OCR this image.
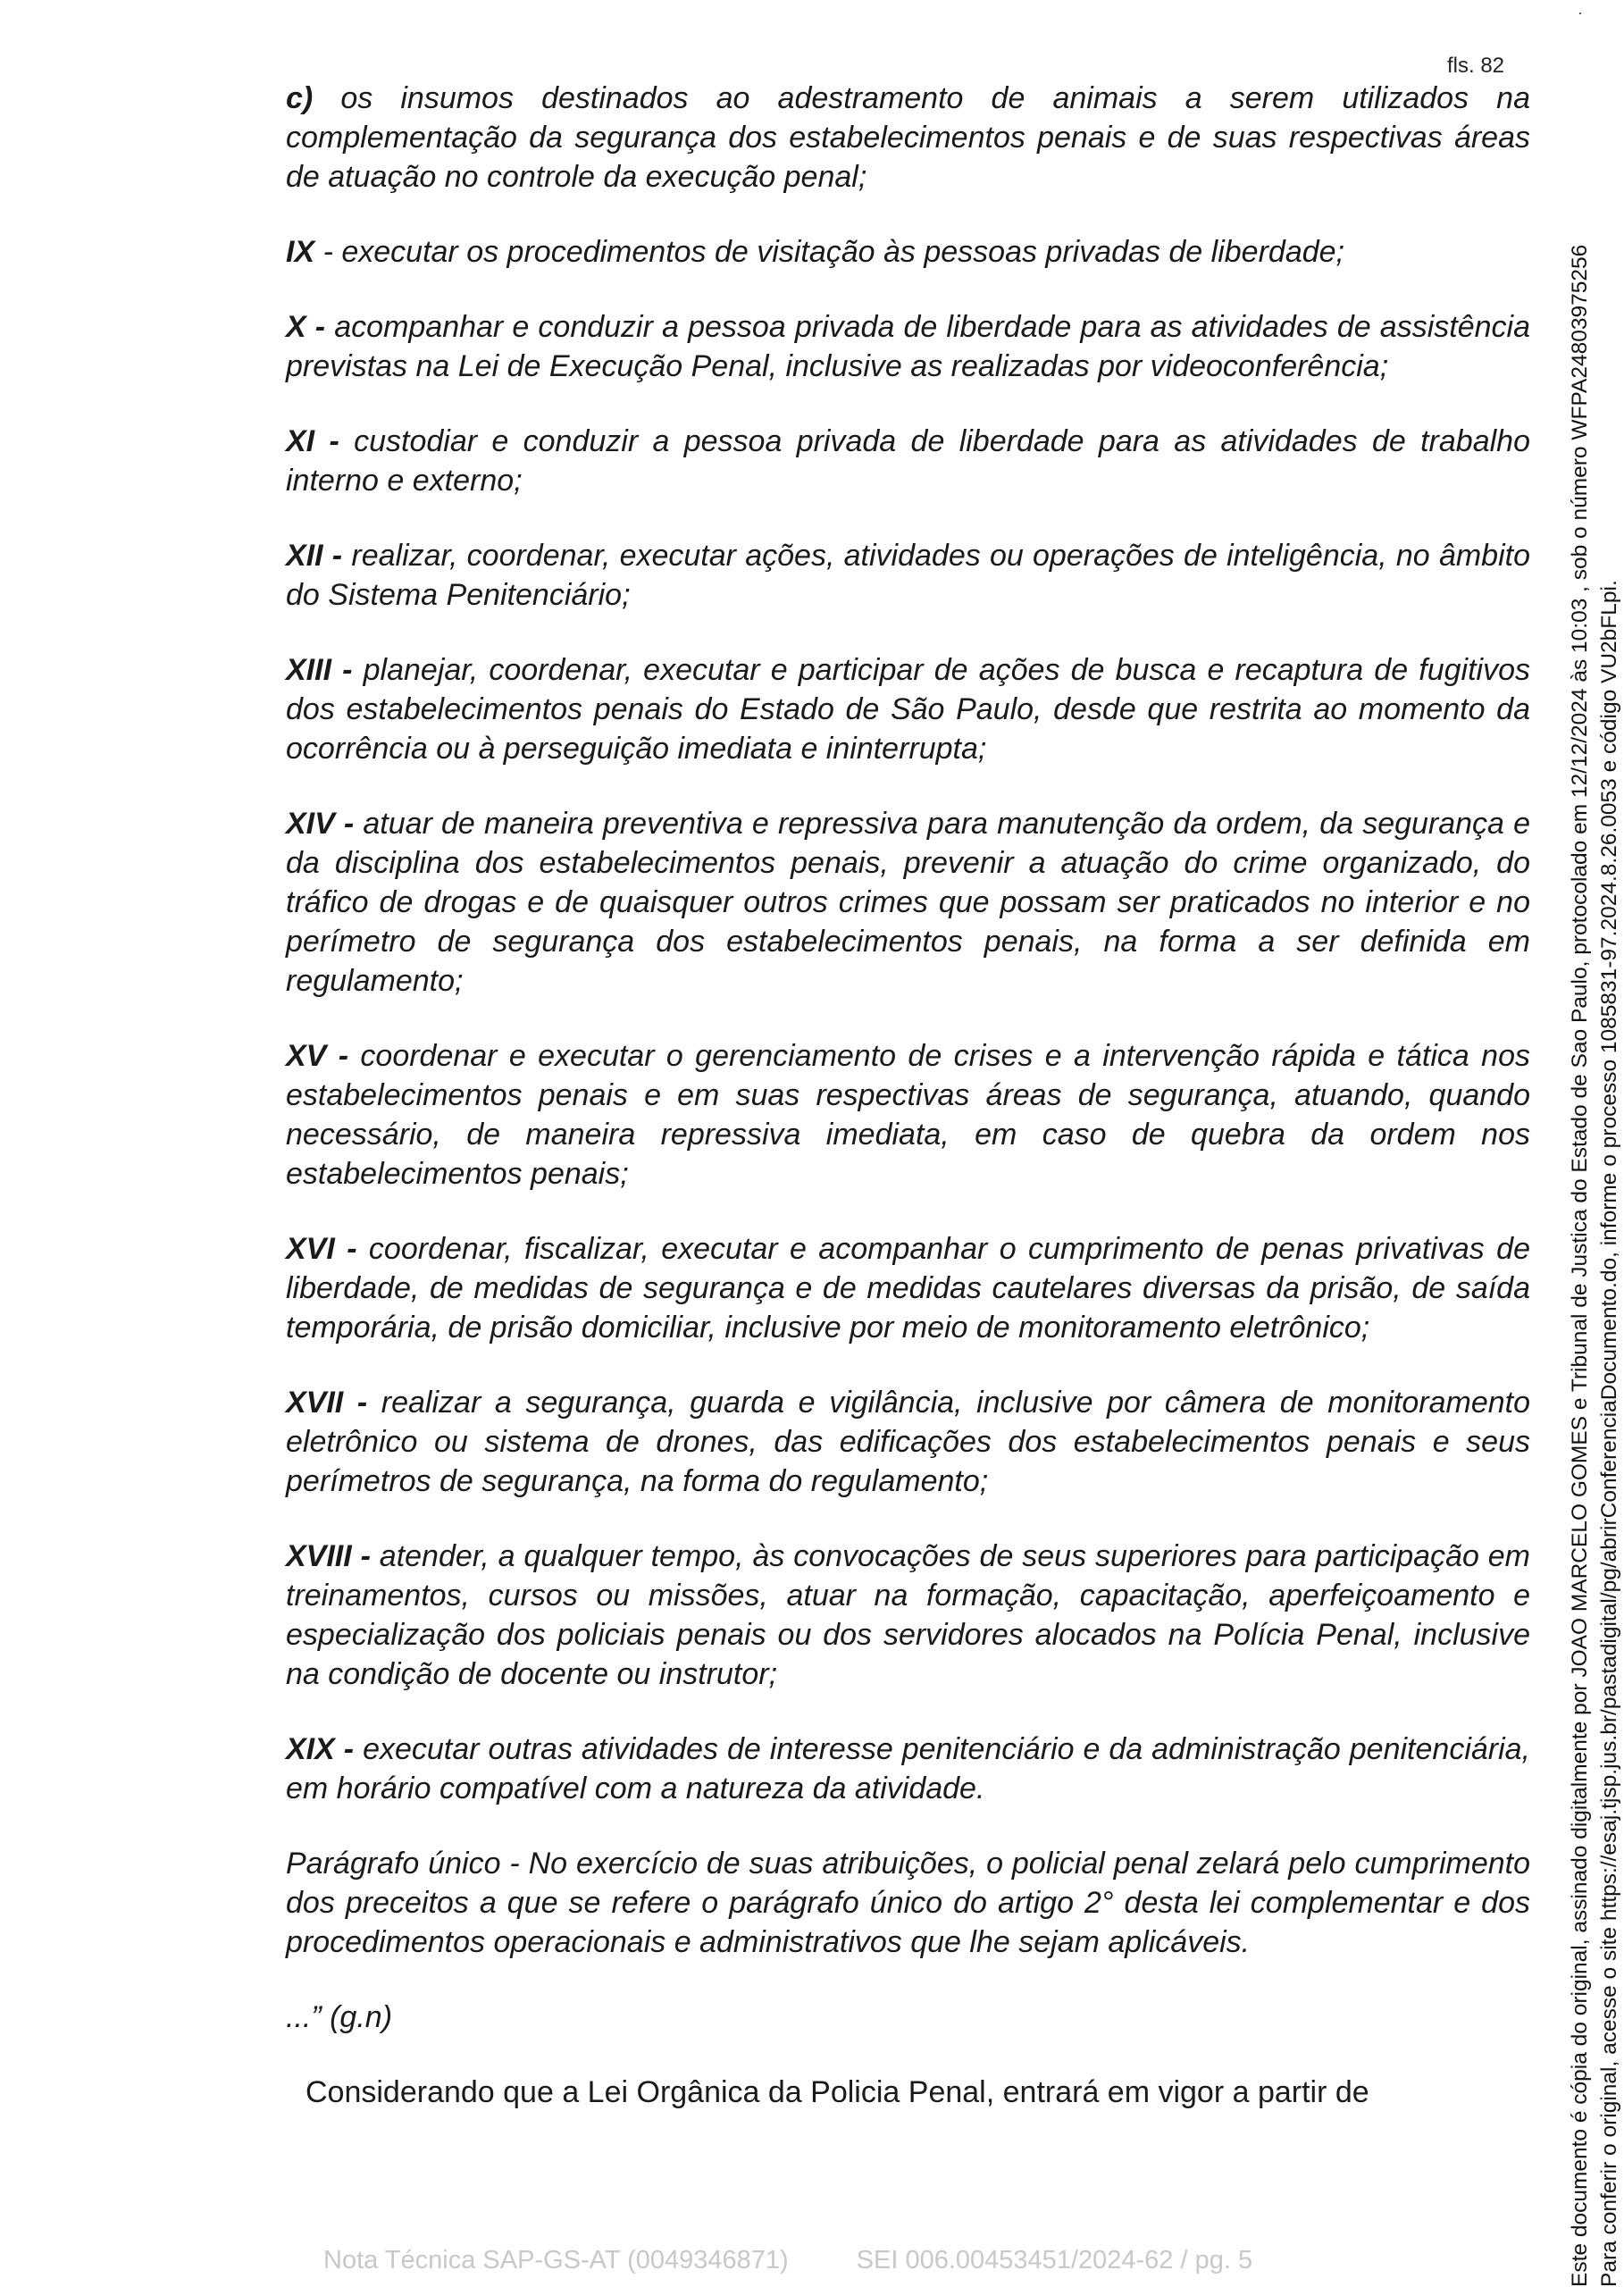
fls. 82

c) os insumos destinados ao adestramento de animais a serem utilizados na complementação da segurança dos estabelecimentos penais e de suas respectivas áreas de atuação no controle da execução penal;

IX - executar os procedimentos de visitação às pessoas privadas de liberdade;

X - acompanhar e conduzir a pessoa privada de liberdade para as atividades de assistência previstas na Lei de Execução Penal, inclusive as realizadas por videoconferência;

XI - custodiar e conduzir a pessoa privada de liberdade para as atividades de trabalho interno e externo;

XII - realizar, coordenar, executar ações, atividades ou operações de inteligência, no âmbito do Sistema Penitenciário;

XIII - planejar, coordenar, executar e participar de ações de busca e recaptura de fugitivos dos estabelecimentos penais do Estado de São Paulo, desde que restrita ao momento da ocorrência ou à perseguição imediata e ininterrupta;

XIV - atuar de maneira preventiva e repressiva para manutenção da ordem, da segurança e da disciplina dos estabelecimentos penais, prevenir a atuação do crime organizado, do tráfico de drogas e de quaisquer outros crimes que possam ser praticados no interior e no perímetro de segurança dos estabelecimentos penais, na forma a ser definida em regulamento;

XV - coordenar e executar o gerenciamento de crises e a intervenção rápida e tática nos estabelecimentos penais e em suas respectivas áreas de segurança, atuando, quando necessário, de maneira repressiva imediata, em caso de quebra da ordem nos estabelecimentos penais;

XVI - coordenar, fiscalizar, executar e acompanhar o cumprimento de penas privativas de liberdade, de medidas de segurança e de medidas cautelares diversas da prisão, de saída temporária, de prisão domiciliar, inclusive por meio de monitoramento eletrônico;

XVII - realizar a segurança, guarda e vigilância, inclusive por câmera de monitoramento eletrônico ou sistema de drones, das edificações dos estabelecimentos penais e seus perímetros de segurança, na forma do regulamento;

XVIII - atender, a qualquer tempo, às convocações de seus superiores para participação em treinamentos, cursos ou missões, atuar na formação, capacitação, aperfeiçoamento e especialização dos policiais penais ou dos servidores alocados na Polícia Penal, inclusive na condição de docente ou instrutor;

XIX - executar outras atividades de interesse penitenciário e da administração penitenciária, em horário compatível com a natureza da atividade.

Parágrafo único - No exercício de suas atribuições, o policial penal zelará pelo cumprimento dos preceitos a que se refere o parágrafo único do artigo 2° desta lei complementar e dos procedimentos operacionais e administrativos que lhe sejam aplicáveis.

...” (g.n)

Considerando que a Lei Orgânica da Policia Penal, entrará em vigor a partir de

Nota Técnica SAP-GS-AT (0049346871)	SEI 006.00453451/2024-62 / pg. 5	Este documento é cópia do original, assinado digitalmente por JOAO MARCELO GOMES e Tribunal de Justica do Estado de Sao Paulo, protocolado em 12/12/2024 às 10:03 , sob o número WFPA24803975256 Para conferir o original, acesse o site https://esaj.tjsp.jus.br/pastadigital/pg/abrirConferenciaDocumento.do, informe o processo 1085831-97.2024.8.26.0053 e código VU2bFLpi.
